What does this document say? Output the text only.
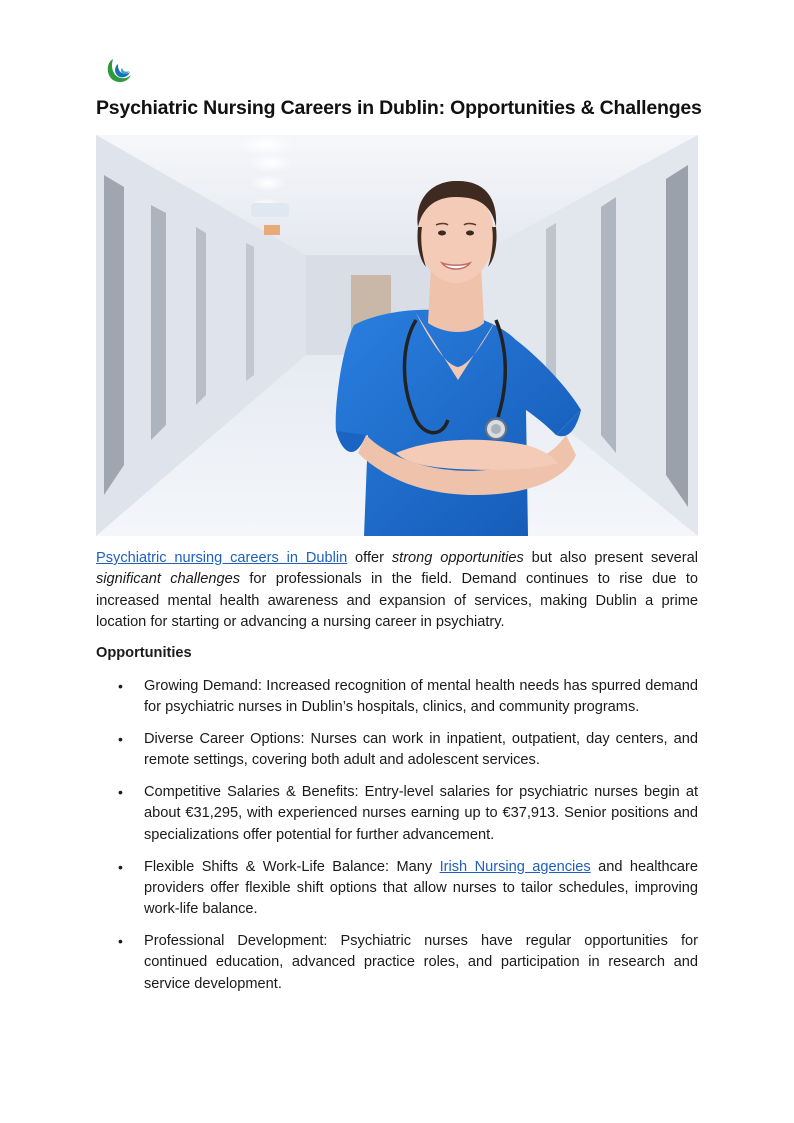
Psychiatric Nursing Careers in Dublin: Opportunities & Challenges

Psychiatric nursing careers in Dublin offer strong opportunities but also present several significant challenges for professionals in the field. Demand continues to rise due to increased mental health awareness and expansion of services, making Dublin a prime location for starting or advancing a nursing career in psychiatry.

Opportunities
• Growing Demand: Increased recognition of mental health needs has spurred demand for psychiatric nurses in Dublin’s hospitals, clinics, and community programs.
• Diverse Career Options: Nurses can work in inpatient, outpatient, day centers, and remote settings, covering both adult and adolescent services.
• Competitive Salaries & Benefits: Entry-level salaries for psychiatric nurses begin at about €31,295, with experienced nurses earning up to €37,913. Senior positions and specializations offer potential for further advancement.
• Flexible Shifts & Work-Life Balance: Many Irish Nursing agencies and healthcare providers offer flexible shift options that allow nurses to tailor schedules, improving work-life balance.
• Professional Development: Psychiatric nurses have regular opportunities for continued education, advanced practice roles, and participation in research and service development.
